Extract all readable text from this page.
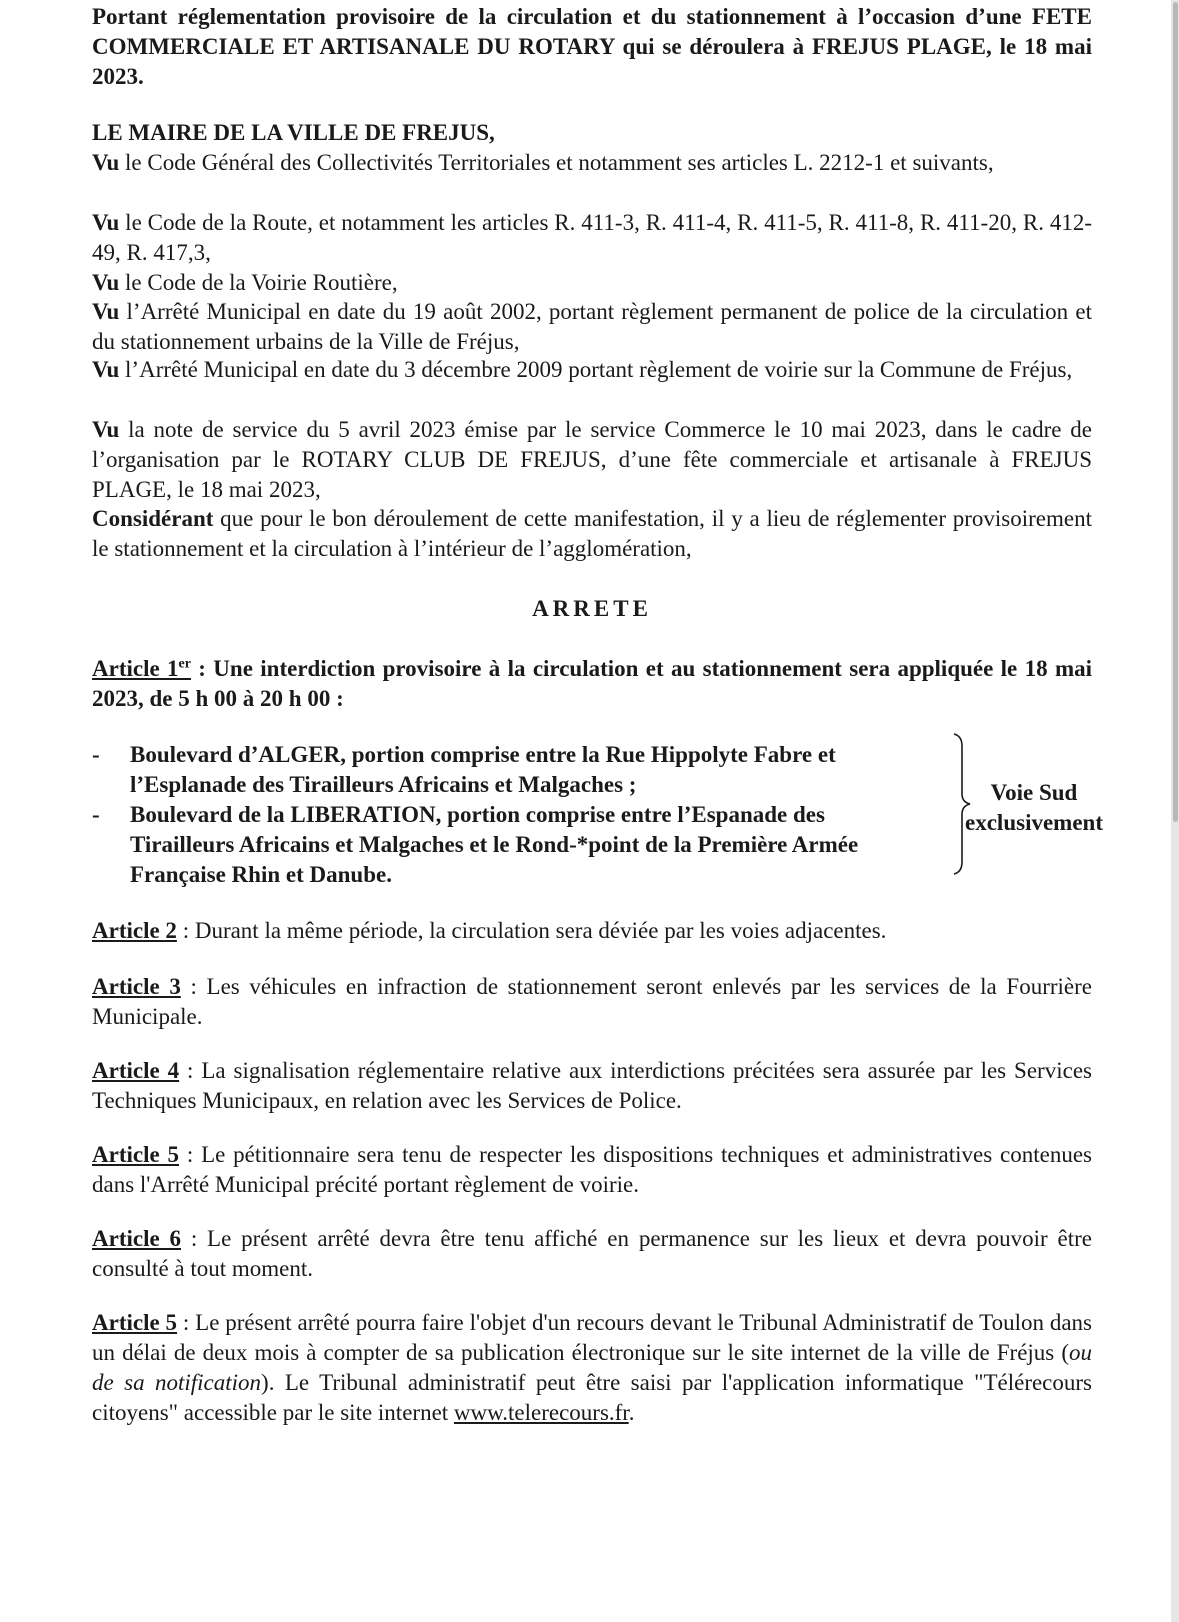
Portant réglementation provisoire de la circulation et du stationnement à l’occasion d’une FETE COMMERCIALE ET ARTISANALE DU ROTARY qui se déroulera à FREJUS PLAGE, le 18 mai 2023.
LE MAIRE DE LA VILLE DE FREJUS,
Vu le Code Général des Collectivités Territoriales et notamment ses articles L. 2212-1 et suivants,
Vu le Code de la Route, et notamment les articles R. 411-3, R. 411-4, R. 411-5, R. 411-8, R. 411-20, R. 412-49, R. 417,3,
Vu le Code de la Voirie Routière,
Vu l’Arrêté Municipal en date du 19 août 2002, portant règlement permanent de police de la circulation et du stationnement urbains de la Ville de Fréjus,
Vu l’Arrêté Municipal en date du 3 décembre 2009 portant règlement de voirie sur la Commune de Fréjus,
Vu la note de service du 5 avril 2023 émise par le service Commerce le 10 mai 2023, dans le cadre de l’organisation par le ROTARY CLUB DE FREJUS, d’une fête commerciale et artisanale à FREJUS PLAGE, le 18 mai 2023,
Considérant que pour le bon déroulement de cette manifestation, il y a lieu de réglementer provisoirement le stationnement et la circulation à l’intérieur de l’agglomération,
ARRETE
Article 1er : Une interdiction provisoire à la circulation et au stationnement sera appliquée le 18 mai 2023, de 5 h 00 à 20 h 00 :
- Boulevard d’ALGER, portion comprise entre la Rue Hippolyte Fabre et l’Esplanade des Tirailleurs Africains et Malgaches ;
- Boulevard de la LIBERATION, portion comprise entre l’Espanade des Tirailleurs Africains et Malgaches et le Rond-*point de la Première Armée Française Rhin et Danube.
Voie Sud
exclusivement
Article 2 : Durant la même période, la circulation sera déviée par les voies adjacentes.
Article 3 : Les véhicules en infraction de stationnement seront enlevés par les services de la Fourrière Municipale.
Article 4 : La signalisation réglementaire relative aux interdictions précitées sera assurée par les Services Techniques Municipaux, en relation avec les Services de Police.
Article 5 : Le pétitionnaire sera tenu de respecter les dispositions techniques et administratives contenues dans l'Arrêté Municipal précité portant règlement de voirie.
Article 6 : Le présent arrêté devra être tenu affiché en permanence sur les lieux et devra pouvoir être consulté à tout moment.
Article 5 : Le présent arrêté pourra faire l'objet d'un recours devant le Tribunal Administratif de Toulon dans un délai de deux mois à compter de sa publication électronique sur le site internet de la ville de Fréjus (ou de sa notification). Le Tribunal administratif peut être saisi par l'application informatique "Télérecours citoyens" accessible par le site internet www.telerecours.fr.
